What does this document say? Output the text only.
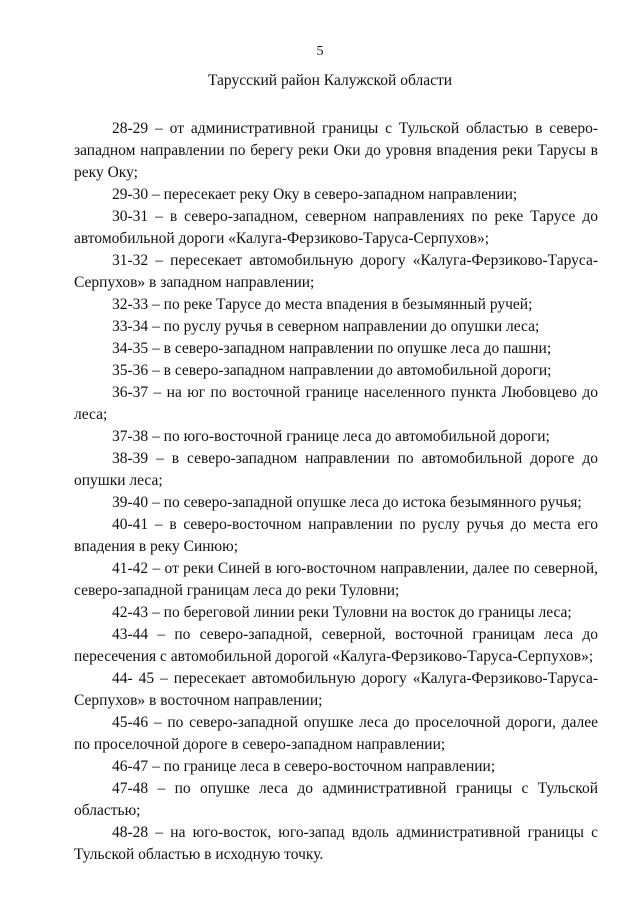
5
Тарусский район Калужской области

28-29 – от административной границы с Тульской областью в северо-западном направлении по берегу реки Оки до уровня впадения реки Тарусы в реку Оку;

29-30 – пересекает реку Оку в северо-западном направлении;

30-31 – в северо-западном, северном направлениях по реке Тарусе до автомобильной дороги «Калуга-Ферзиково-Таруса-Серпухов»;

31-32 – пересекает автомобильную дорогу «Калуга-Ферзиково-Таруса-Серпухов» в западном направлении;

32-33 – по реке Тарусе до места впадения в безымянный ручей;

33-34 – по руслу ручья в северном направлении до опушки леса;

34-35 – в северо-западном направлении по опушке леса до пашни;

35-36 – в северо-западном направлении до автомобильной дороги;

36-37 – на юг по восточной границе населенного пункта Любовцево до леса;

37-38 – по юго-восточной границе леса до автомобильной дороги;

38-39 – в северо-западном направлении по автомобильной дороге до опушки леса;

39-40 – по северо-западной опушке леса до истока безымянного ручья;

40-41 – в северо-восточном направлении по руслу ручья до места его впадения в реку Синюю;

41-42 – от реки Синей в юго-восточном направлении, далее по северной, северо-западной границам леса до реки Туловни;

42-43 – по береговой линии реки Туловни на восток до границы леса;

43-44 – по северо-западной, северной, восточной границам леса до пересечения с автомобильной дорогой «Калуга-Ферзиково-Таруса-Серпухов»;

44- 45 – пересекает автомобильную дорогу «Калуга-Ферзиково-Таруса-Серпухов» в восточном направлении;

45-46 – по северо-западной опушке леса до проселочной дороги, далее по проселочной дороге в северо-западном направлении;

46-47 – по границе леса в северо-восточном направлении;

47-48 – по опушке леса до административной границы с Тульской областью;

48-28 – на юго-восток, юго-запад вдоль административной границы с Тульской областью в исходную точку.
